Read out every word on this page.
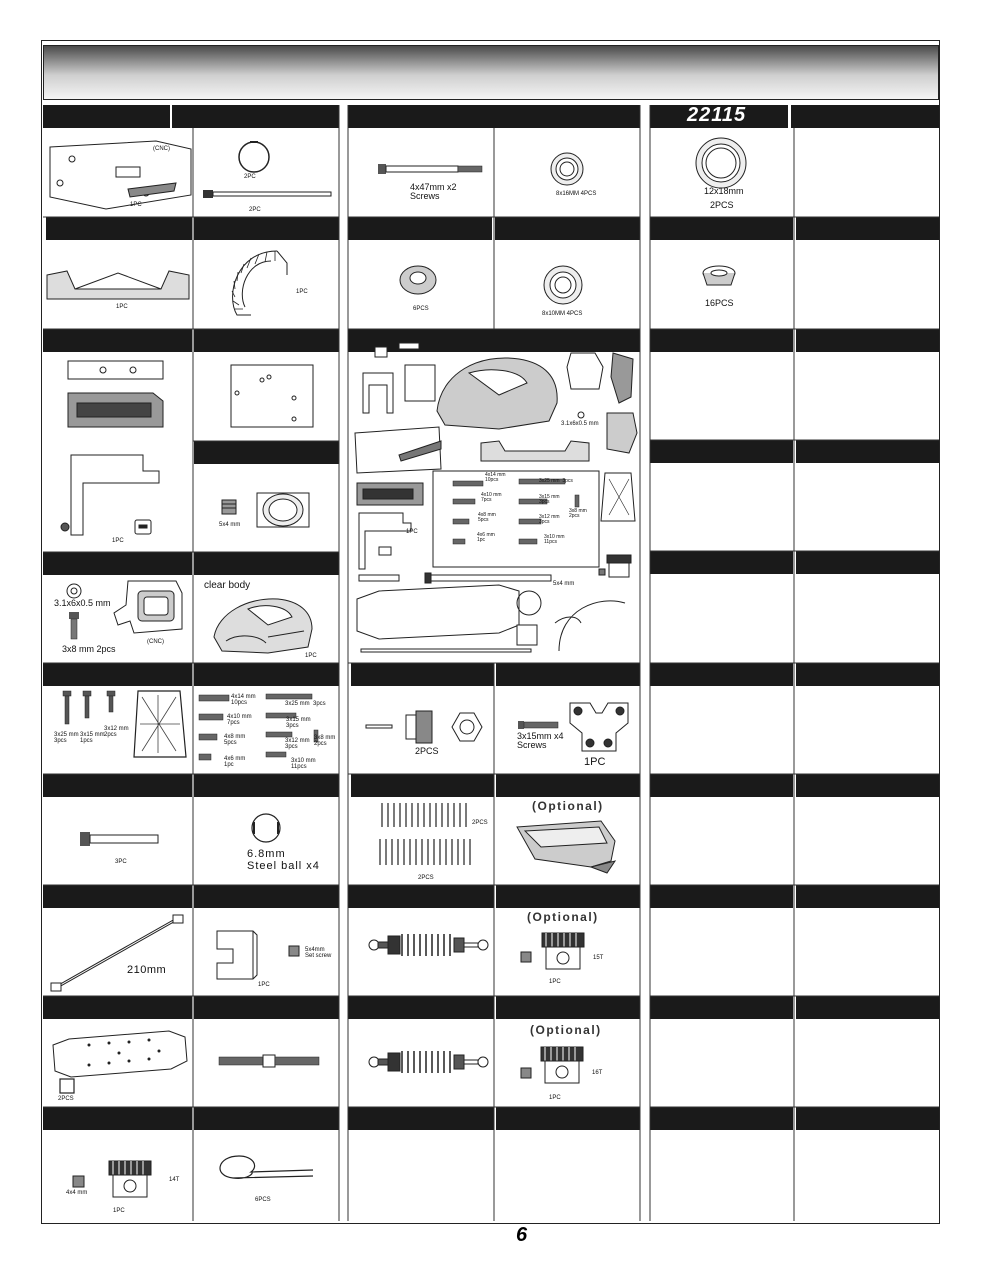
(CNC)
1PC
2PC
2PC
1PC
1PC
1PC
5x4 mm
3.1x6x0.5 mm
3x8 mm 2pcs
(CNC)
clear body
1PC
3x25 mm
3pcs
3x15 mm
1pcs
3x12 mm
2pcs
4x14 mm
10pcs	3x25 mm  3pcs
4x10 mm
7pcs
3x15 mm
3pcs
4x8 mm
5pcs	3x12 mm
3pcs
3x8 mm
2pcs
4x6 mm
1pc
3x10 mm
11pcs
3PC
6.8mm
Steel ball x4
210mm
5x4mm
Set screw
1PC
2PCS
4x4 mm
14T
1PC
6PCS
4x47mm x2
Screws	8x16MM 4PCS
6PCS
8x10MM 4PCS
1PC
3.1x6x0.5 mm
5x4 mm
4x14 mm
10pcs	3x25 mm  3pcs
4x10 mm
7pcs
3x15 mm
3pcs
4x8 mm
5pcs
3x12 mm
3pcs
3x8 mm
2pcs
4x6 mm
1pc
3x10 mm
11pcs
2PCS
3x15mm x4
Screws
1PC
2PCS
2PCS
(Optional)
(Optional)
15T
1PC
(Optional)
16T
1PC
22115
12x18mm
2PCS
16PCS
6
